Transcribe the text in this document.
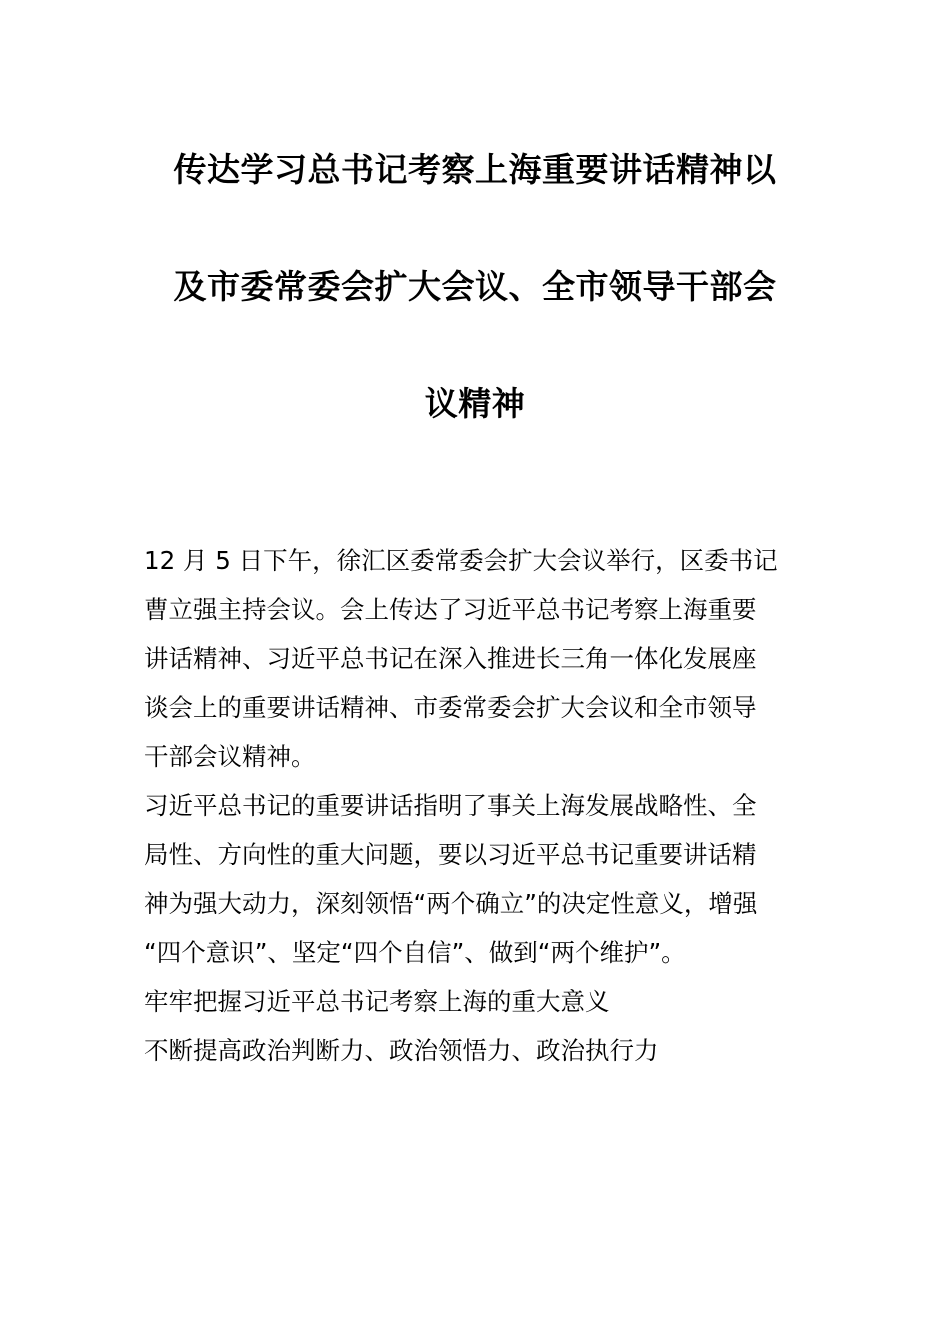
传达学习总书记考察上海重要讲话精神以
及市委常委会扩大会议、全市领导干部会
议精神
12 月 5 日下午，徐汇区委常委会扩大会议举行，区委书记
曹立强主持会议。会上传达了习近平总书记考察上海重要
讲话精神、习近平总书记在深入推进长三角一体化发展座
谈会上的重要讲话精神、市委常委会扩大会议和全市领导
干部会议精神。
习近平总书记的重要讲话指明了事关上海发展战略性、全
局性、方向性的重大问题，要以习近平总书记重要讲话精
神为强大动力，深刻领悟“两个确立”的决定性意义，增强
“四个意识”、坚定“四个自信”、做到“两个维护”。
牢牢把握习近平总书记考察上海的重大意义
不断提高政治判断力、政治领悟力、政治执行力
